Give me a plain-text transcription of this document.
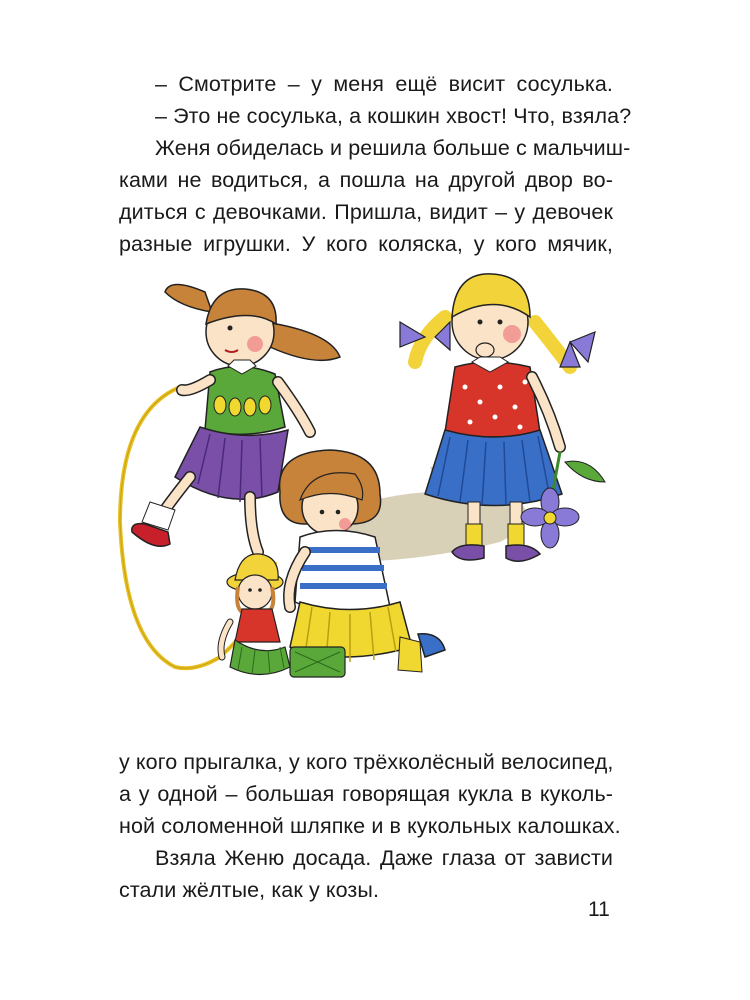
– Смотрите – у меня ещё висит сосулька.
– Это не сосулька, а кошкин хвост! Что, взяла?
Женя обиделась и решила больше с мальчиш-
ками не водиться, а пошла на другой двор во-
диться с девочками. Пришла, видит – у девочек
разные игрушки. У кого коляска, у кого мячик,
у кого прыгалка, у кого трёхколёсный велосипед,
а у одной – большая говорящая кукла в куколь-
ной соломенной шляпке и в кукольных калошках.
Взяла Женю досада. Даже глаза от зависти
стали жёлтые, как у козы.
11
